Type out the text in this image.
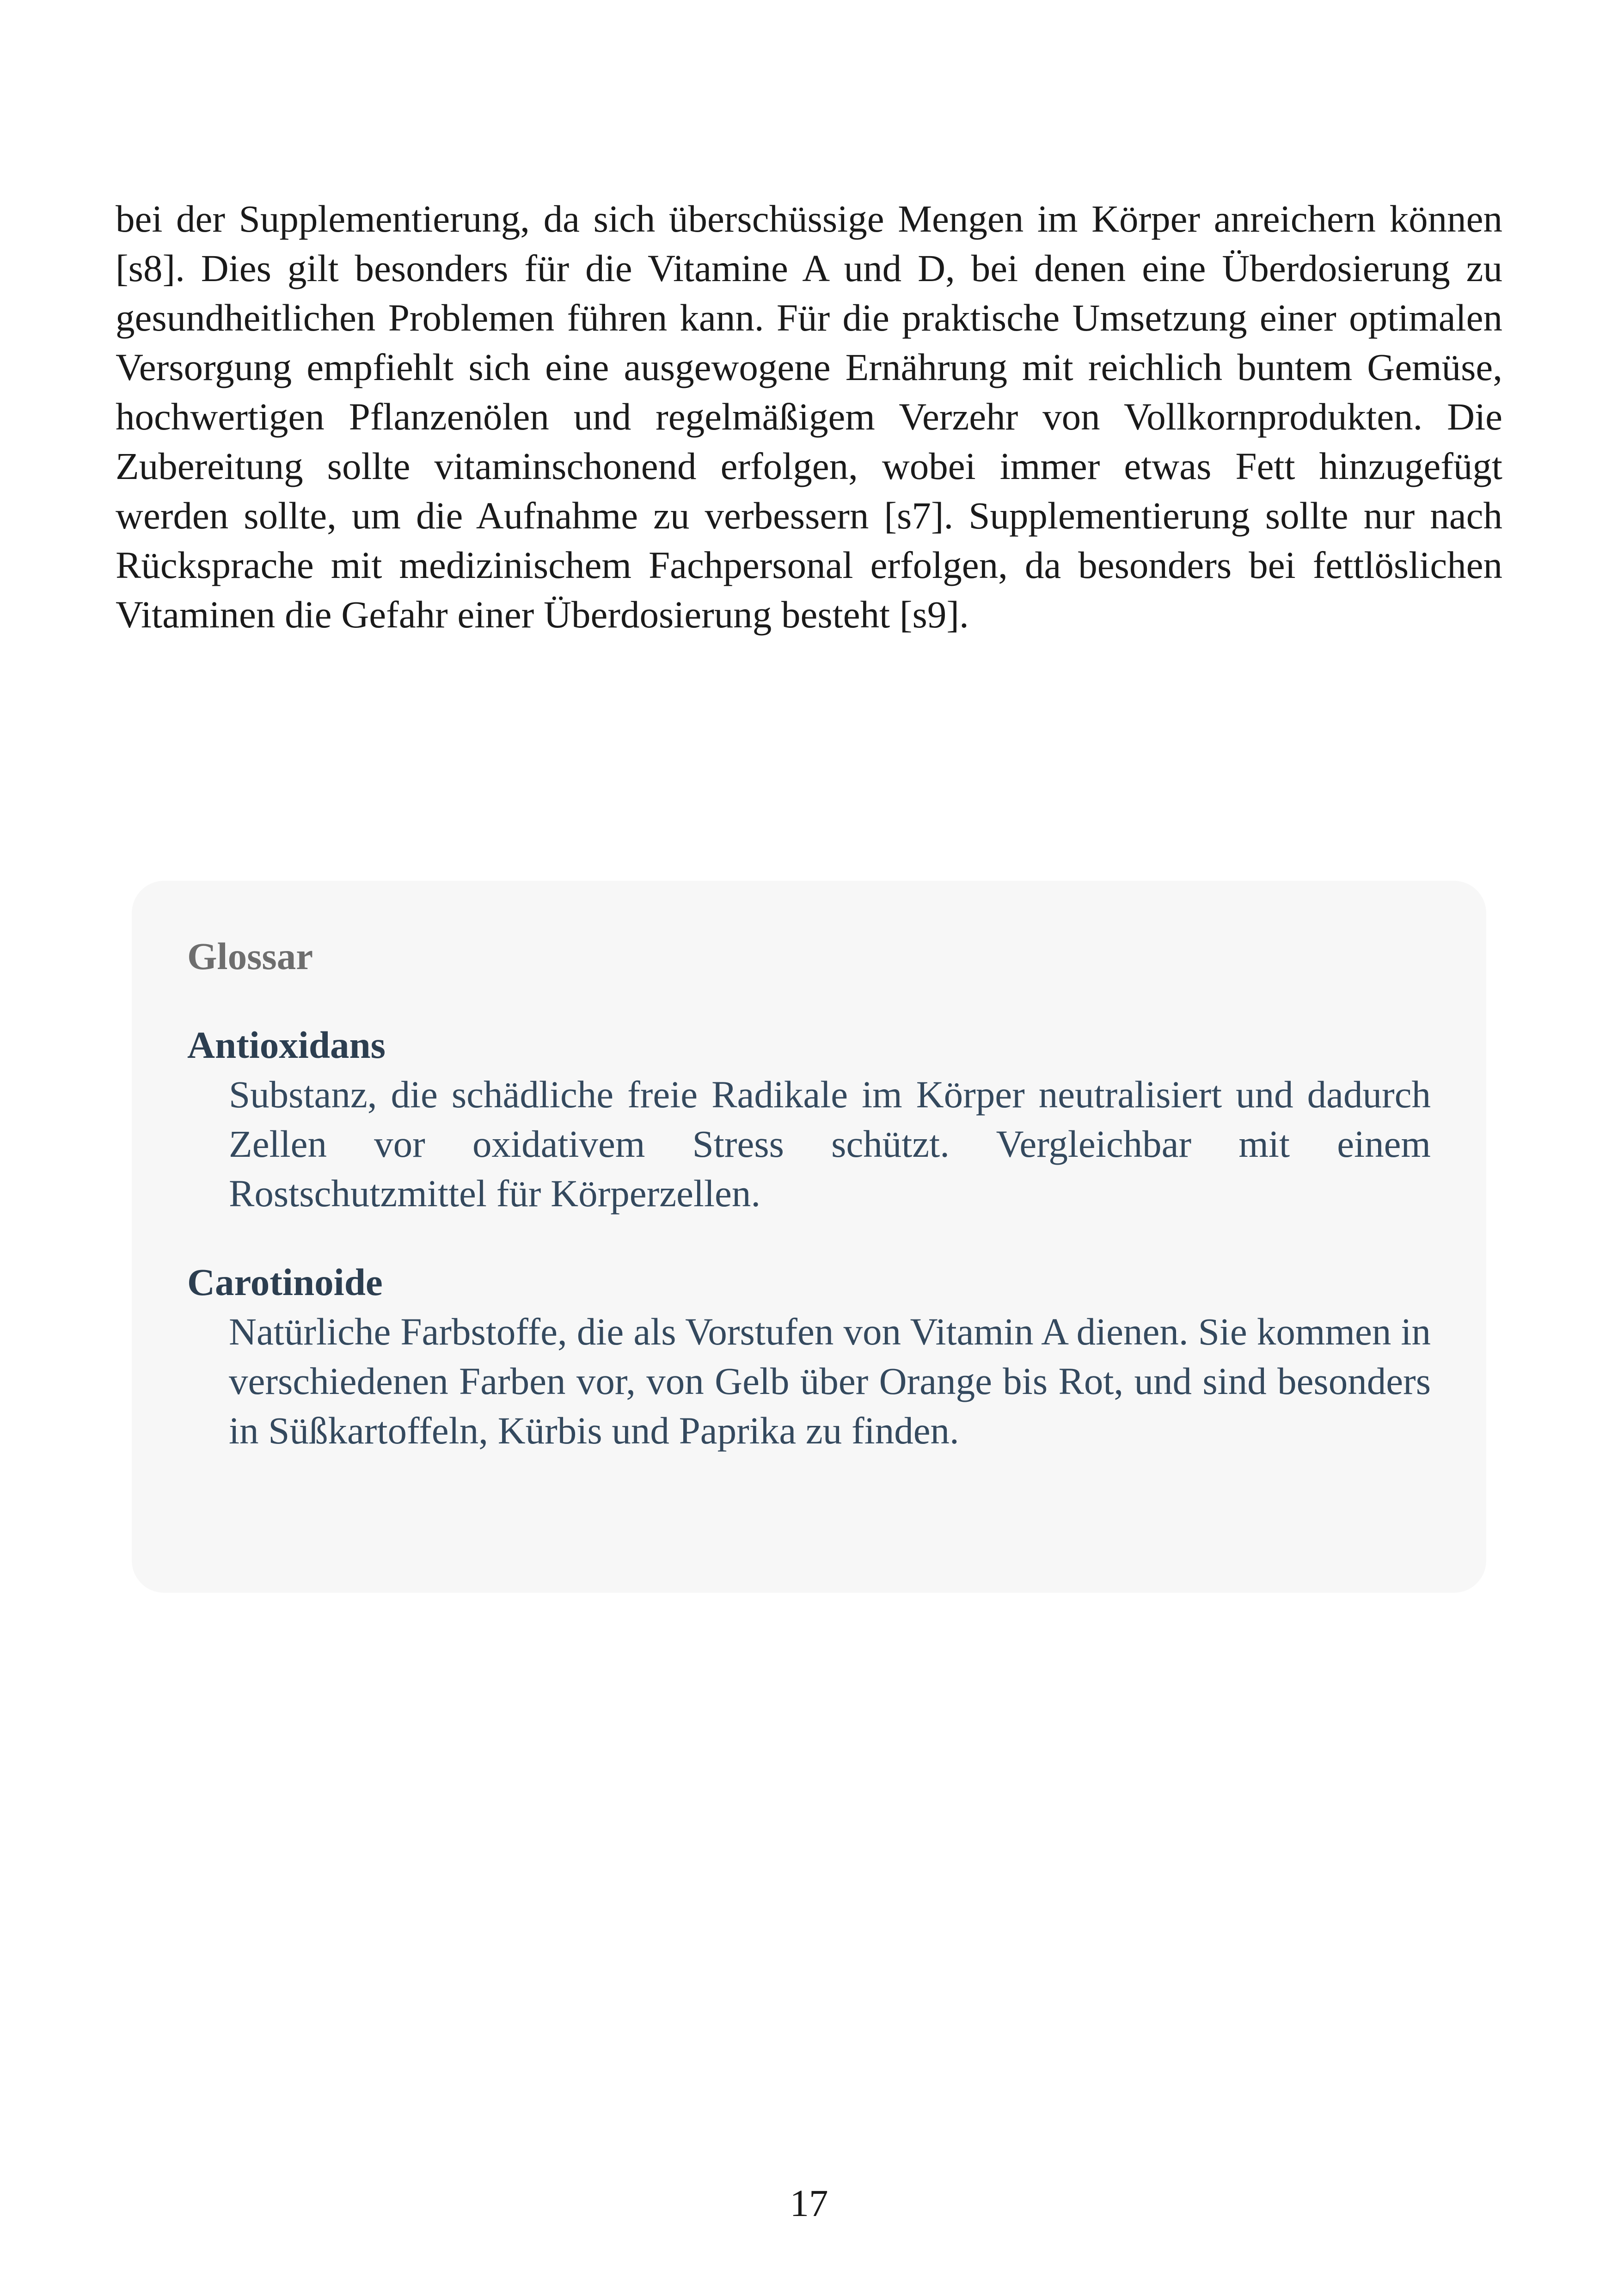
bei der Supplementierung, da sich überschüssige Mengen im Körper anreichern können [s8]. Dies gilt besonders für die Vitamine A und D, bei denen eine Überdosierung zu gesundheitlichen Problemen führen kann. Für die praktische Umsetzung einer optimalen Versorgung empfiehlt sich eine ausgewogene Ernährung mit reichlich buntem Gemüse, hochwertigen Pflanzenölen und regelmäßigem Verzehr von Vollkornprodukten. Die Zubereitung sollte vitaminschonend erfolgen, wobei immer etwas Fett hinzugefügt werden sollte, um die Aufnahme zu verbessern [s7]. Supplementierung sollte nur nach Rücksprache mit medizinischem Fachpersonal erfolgen, da besonders bei fettlöslichen Vitaminen die Gefahr einer Überdosierung besteht [s9].

Glossar

Antioxidans

Substanz, die schädliche freie Radikale im Körper neutralisiert und dadurch Zellen vor oxidativem Stress schützt. Vergleichbar mit einem Rostschutzmittel für Körperzellen.

Carotinoide

Natürliche Farbstoffe, die als Vorstufen von Vitamin A dienen. Sie kommen in verschiedenen Farben vor, von Gelb über Orange bis Rot, und sind besonders in Süßkartoffeln, Kürbis und Paprika zu finden.

17
